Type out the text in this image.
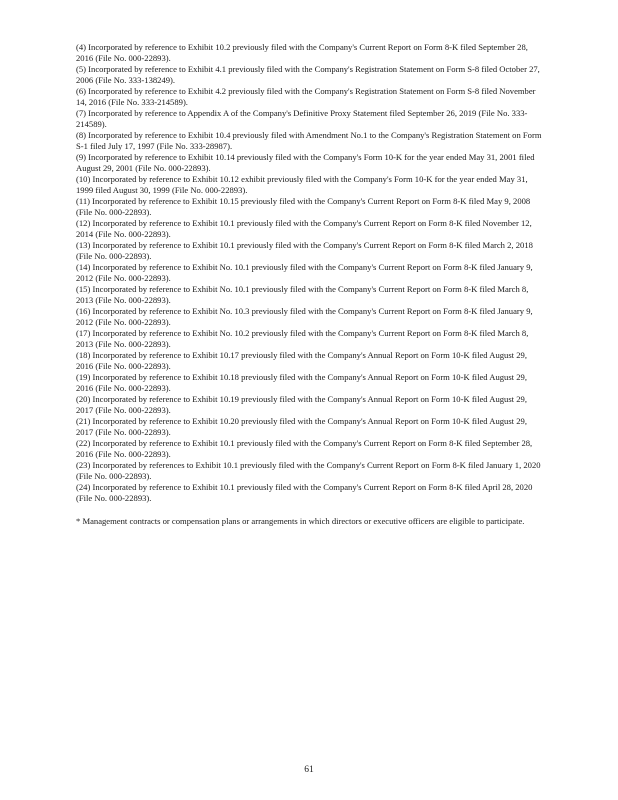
(4) Incorporated by reference to Exhibit 10.2 previously filed with the Company's Current Report on Form 8-K filed September 28, 2016 (File No. 000-22893).
(5) Incorporated by reference to Exhibit 4.1 previously filed with the Company's Registration Statement on Form S-8 filed October 27, 2006 (File No. 333-138249).
(6) Incorporated by reference to Exhibit 4.2 previously filed with the Company's Registration Statement on Form S-8 filed November 14, 2016 (File No. 333-214589).
(7) Incorporated by reference to Appendix A of the Company's Definitive Proxy Statement filed September 26, 2019 (File No. 333-214589).
(8) Incorporated by reference to Exhibit 10.4 previously filed with Amendment No.1 to the Company's Registration Statement on Form S-1 filed July 17, 1997 (File No. 333-28987).
(9) Incorporated by reference to Exhibit 10.14 previously filed with the Company's Form 10-K for the year ended May 31, 2001 filed August 29, 2001 (File No. 000-22893).
(10) Incorporated by reference to Exhibit 10.12 exhibit previously filed with the Company's Form 10-K for the year ended May 31, 1999 filed August 30, 1999 (File No. 000-22893).
(11) Incorporated by reference to Exhibit 10.15 previously filed with the Company's Current Report on Form 8-K filed May 9, 2008 (File No. 000-22893).
(12) Incorporated by reference to Exhibit 10.1 previously filed with the Company's Current Report on Form 8-K filed November 12, 2014 (File No. 000-22893).
(13) Incorporated by reference to Exhibit 10.1 previously filed with the Company's Current Report on Form 8-K filed March 2, 2018 (File No. 000-22893).
(14) Incorporated by reference to Exhibit No. 10.1 previously filed with the Company's Current Report on Form 8-K filed January 9, 2012 (File No. 000-22893).
(15) Incorporated by reference to Exhibit No. 10.1 previously filed with the Company's Current Report on Form 8-K filed March 8, 2013 (File No. 000-22893).
(16) Incorporated by reference to Exhibit No. 10.3 previously filed with the Company's Current Report on Form 8-K filed January 9, 2012 (File No. 000-22893).
(17) Incorporated by reference to Exhibit No. 10.2 previously filed with the Company's Current Report on Form 8-K filed March 8, 2013 (File No. 000-22893).
(18) Incorporated by reference to Exhibit 10.17 previously filed with the Company's Annual Report on Form 10-K filed August 29, 2016 (File No. 000-22893).
(19) Incorporated by reference to Exhibit 10.18 previously filed with the Company's Annual Report on Form 10-K filed August 29, 2016 (File No. 000-22893).
(20) Incorporated by reference to Exhibit 10.19 previously filed with the Company's Annual Report on Form 10-K filed August 29, 2017 (File No. 000-22893).
(21) Incorporated by reference to Exhibit 10.20 previously filed with the Company's Annual Report on Form 10-K filed August 29, 2017 (File No. 000-22893).
(22) Incorporated by reference to Exhibit 10.1 previously filed with the Company's Current Report on Form 8-K filed September 28, 2016 (File No. 000-22893).
(23) Incorporated by references to Exhibit 10.1 previously filed with the Company's Current Report on Form 8-K filed January 1, 2020 (File No. 000-22893).
(24) Incorporated by reference to Exhibit 10.1 previously filed with the Company's Current Report on Form 8-K filed April 28, 2020 (File No. 000-22893).

* Management contracts or compensation plans or arrangements in which directors or executive officers are eligible to participate.

61
